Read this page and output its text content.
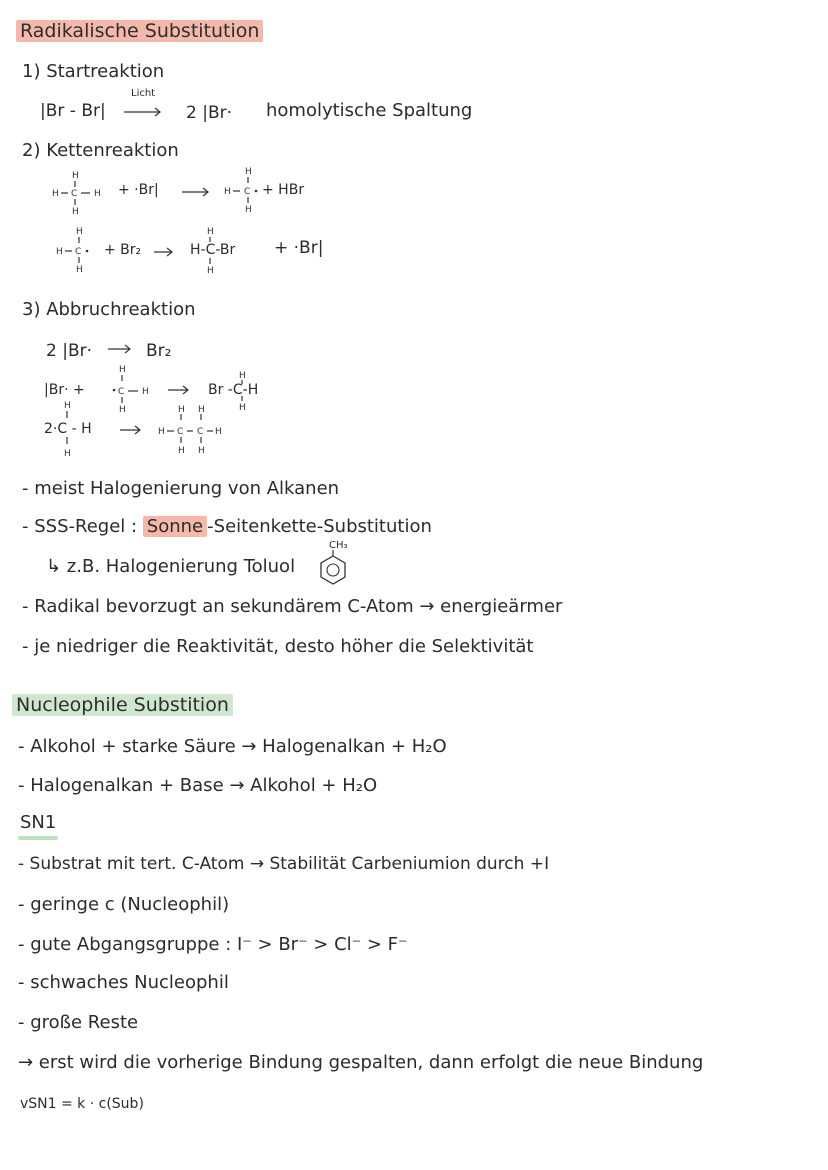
Radikalische Substitution
1) Startreaktion
|Br - Br|
Licht
2 |Br· homolytische Spaltung
2) Kettenreaktion
+ ·Br|	+ HBr
+ Br₂	H-C-Br + ·Br|
3) Abbruchreaktion
2 |Br·	Br₂
|Br· +	Br -C-H
2·C - H
H
H C H
H
H
H C
H
H
H C
H
H
H
H
C H
H
H
H
H
H
H H
H C C H
H H
- meist Halogenierung von Alkanen
- SSS-Regel : Sonne -Seitenkette-Substitution
↳ z.B. Halogenierung Toluol
CH₃
- Radikal bevorzugt an sekundärem C-Atom → energieärmer
- je niedriger die Reaktivität, desto höher die Selektivität
Nucleophile Substition
- Alkohol + starke Säure → Halogenalkan + H₂O
- Halogenalkan + Base → Alkohol + H₂O
SN1
- Substrat mit tert. C-Atom → Stabilität Carbeniumion durch +I
- geringe c (Nucleophil)
- gute Abgangsgruppe : I⁻ > Br⁻ > Cl⁻ > F⁻
- schwaches Nucleophil
- große Reste
→ erst wird die vorherige Bindung gespalten, dann erfolgt die neue Bindung
vSN1 = k · c(Sub)
